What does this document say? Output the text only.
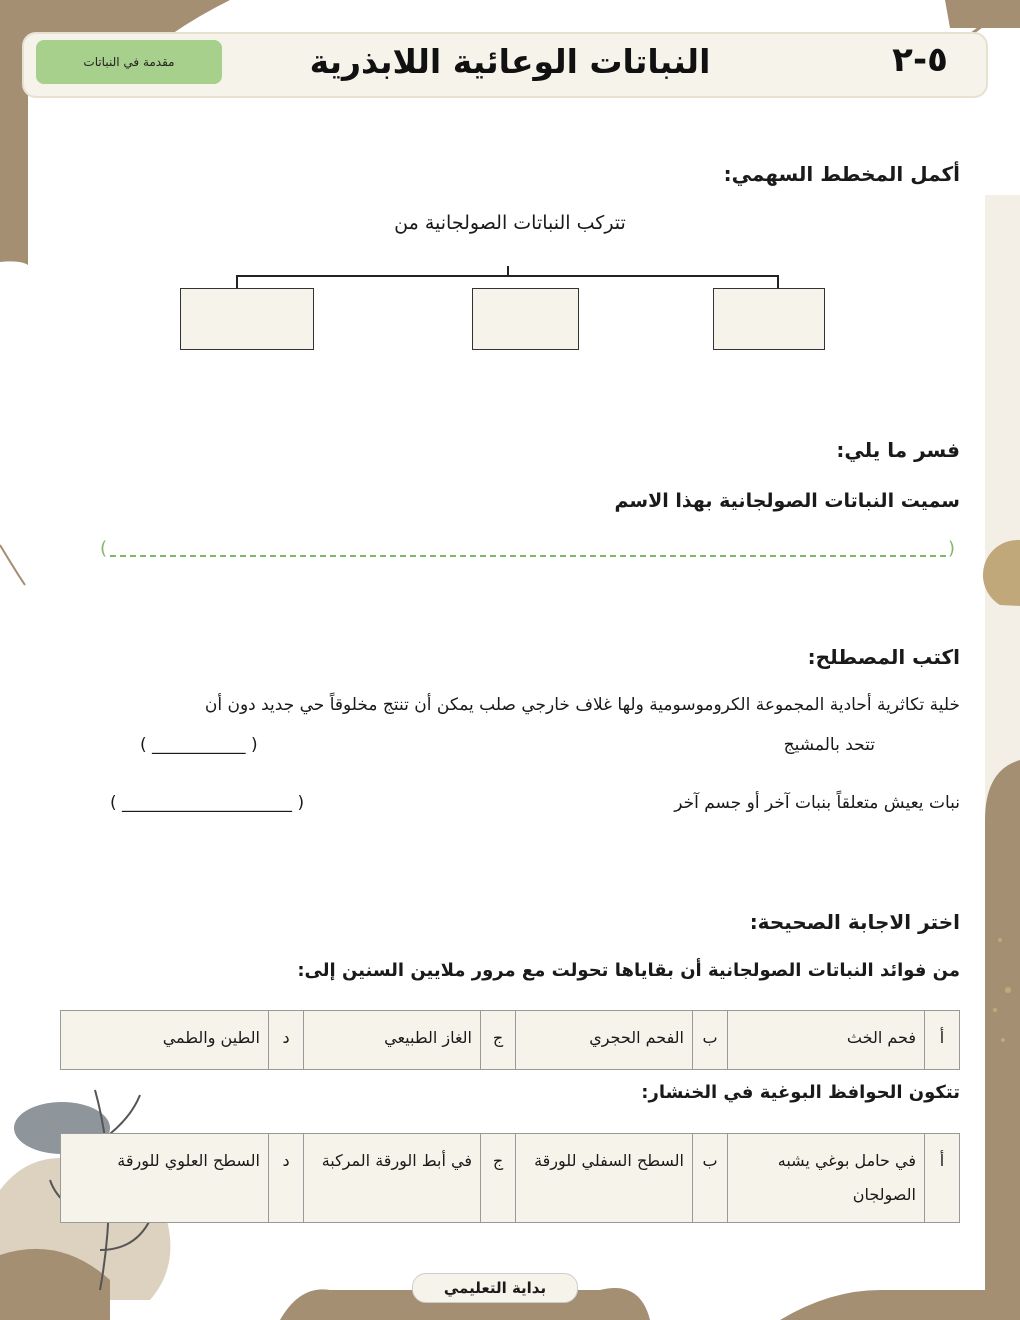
مقدمة في النباتات	النباتات الوعائية اللابذرية	٥-٢
أكمل المخطط السهمي:
تتركب النباتات الصولجانية من
فسر ما يلي:
سميت النباتات الصولجانية بهذا الاسم
(
)
اكتب المصطلح:
خلية تكاثرية أحادية المجموعة الكروموسومية ولها غلاف خارجي صلب يمكن أن تنتج مخلوقاً حي جديد دون أن
تتحد بالمشيج
( ___________ )
نبات يعيش متعلقاً بنبات آخر أو جسم آخر
( ____________________ )
اختر الاجابة الصحيحة:
من فوائد النباتات الصولجانية أن بقاياها تحولت مع مرور ملايين السنين إلى:
أ	فحم الخث	ب	الفحم الحجري	ج	الغاز الطبيعي	د	الطين والطمي
تتكون الحوافظ البوغية في الخنشار:
أ	في حامل بوغي يشبه الصولجان	ب	السطح السفلي للورقة	ج	في أبط الورقة المركبة	د	السطح العلوي للورقة
بداية التعليمي
